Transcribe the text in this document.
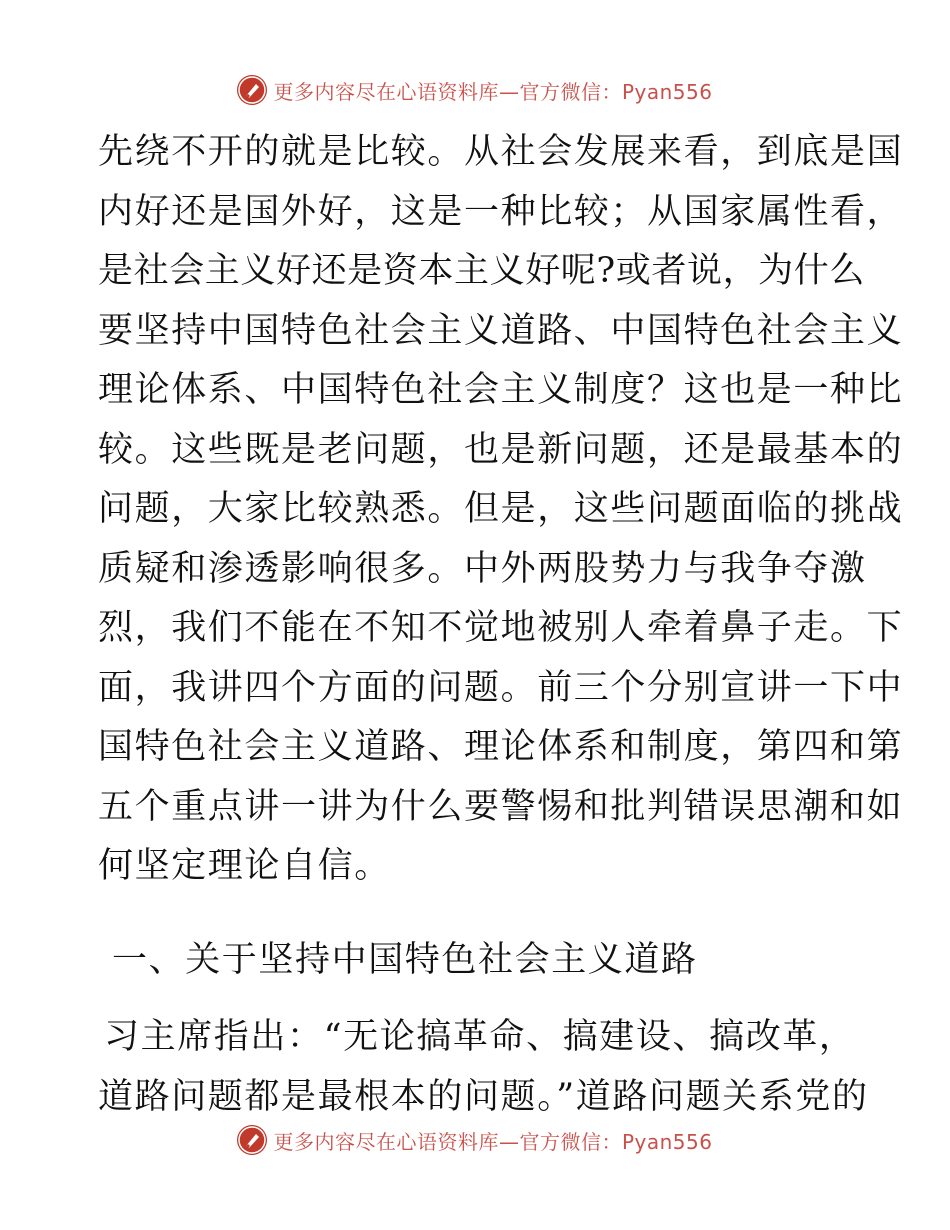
更多内容尽在心语资料库—官方微信：Pyan556
先绕不开的就是比较。从社会发展来看，到底是国
内好还是国外好，这是一种比较；从国家属性看，
是社会主义好还是资本主义好呢?或者说，为什么
要坚持中国特色社会主义道路、中国特色社会主义
理论体系、中国特色社会主义制度？这也是一种比
较。这些既是老问题，也是新问题，还是最基本的
问题，大家比较熟悉。但是，这些问题面临的挑战
质疑和渗透影响很多。中外两股势力与我争夺激
烈，我们不能在不知不觉地被别人牵着鼻子走。下
面，我讲四个方面的问题。前三个分别宣讲一下中
国特色社会主义道路、理论体系和制度，第四和第
五个重点讲一讲为什么要警惕和批判错误思潮和如
何坚定理论自信。
一、关于坚持中国特色社会主义道路
习主席指出：“无论搞革命、搞建设、搞改革，
道路问题都是最根本的问题。”道路问题关系党的
更多内容尽在心语资料库—官方微信：Pyan556
